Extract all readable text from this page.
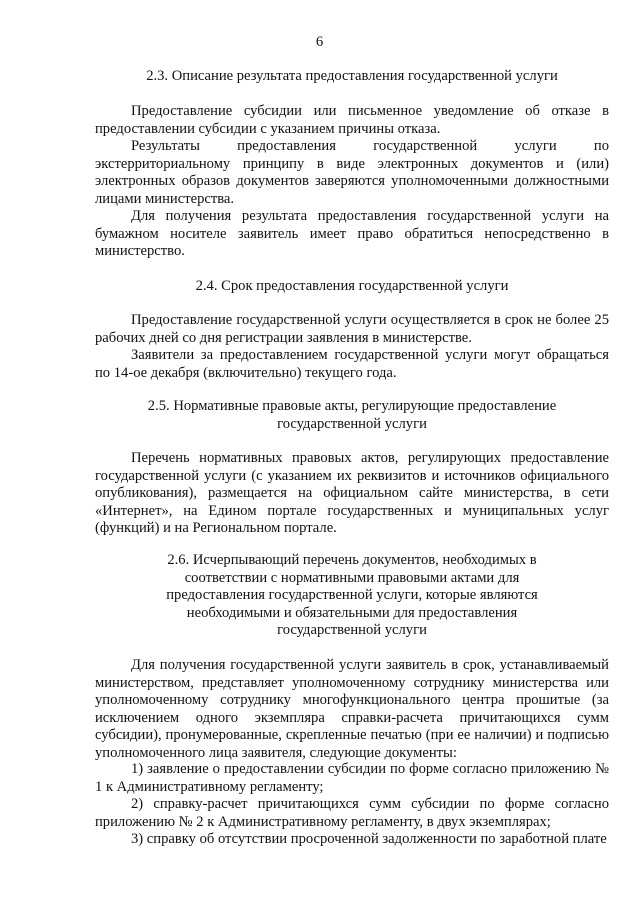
6
2.3. Описание результата предоставления государственной услуги

Предоставление субсидии или письменное уведомление об отказе в предоставлении субсидии с указанием причины отказа.

Результаты предоставления государственной услуги по экстерриториальному принципу в виде электронных документов и (или) электронных образов документов заверяются уполномоченными должностными лицами министерства.

Для получения результата предоставления государственной услуги на бумажном носителе заявитель имеет право обратиться непосредственно в министерство.

2.4. Срок предоставления государственной услуги

Предоставление государственной услуги осуществляется в срок не более 25 рабочих дней со дня регистрации заявления в министерстве.

Заявители за предоставлением государственной услуги могут обращаться по 14-ое декабря (включительно) текущего года.

2.5. Нормативные правовые акты, регулирующие предоставление государственной услуги

Перечень нормативных правовых актов, регулирующих предоставление государственной услуги (с указанием их реквизитов и источников официального опубликования), размещается на официальном сайте министерства, в сети «Интернет», на Едином портале государственных и муниципальных услуг (функций) и на Региональном портале.

2.6. Исчерпывающий перечень документов, необходимых в соответствии с нормативными правовыми актами для предоставления государственной услуги, которые являются необходимыми и обязательными для предоставления государственной услуги

Для получения государственной услуги заявитель в срок, устанавливаемый министерством, представляет уполномоченному сотруднику министерства или уполномоченному сотруднику многофункционального центра прошитые (за исключением одного экземпляра справки-расчета причитающихся сумм субсидии), пронумерованные, скрепленные печатью (при ее наличии) и подписью уполномоченного лица заявителя, следующие документы:

1) заявление о предоставлении субсидии по форме согласно приложению № 1 к Административному регламенту;

2) справку-расчет причитающихся сумм субсидии по форме согласно приложению № 2 к Административному регламенту, в двух экземплярах;

3) справку об отсутствии просроченной задолженности по заработной плате
